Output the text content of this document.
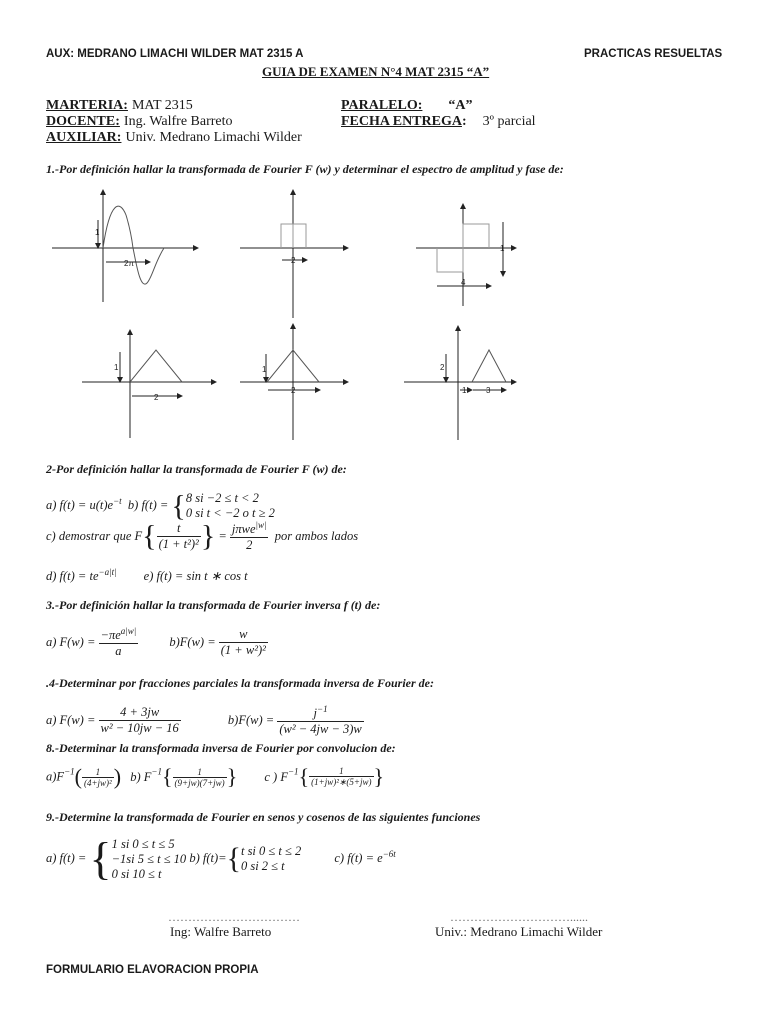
AUX: MEDRANO LIMACHI WILDER MAT 2315 A	PRACTICAS RESUELTAS
GUIA DE EXAMEN N°4 MAT 2315 “A”
MARTERIA: MAT 2315
DOCENTE: Ing. Walfre Barreto
AUXILIAR: Univ. Medrano Limachi Wilder
PARALELO: “A”
FECHA ENTREGA: 3º parcial
1.-Por definición hallar la transformada de Fourier F (w) y determinar el espectro de amplitud y fase de:
1
2π	2
1
4
1
2
1
2
2
1 3
2-Por definición hallar la transformada de Fourier F (w) de:
a) $f(t) = u(t)e^{-t}$ b) f(t) = { 8 si −2 ≤ t < 2
0 si t < −2 o t ≥ 2
c) demostrar que $F\{ \frac{t}{\text{(1 + t²)²}}$ } = $\frac{j\pi we^{|w|}}{2}$ por ambos lados
d) $f(t) = te^{-a|t|}$ e) f(t) = sin t ∗ cos t
3.-Por definición hallar la transformada de Fourier inversa f (t) de:
a) $F(w) = \frac{-\pi e^{a|w|}}{a} b)F(w) = \frac{w}{\text{(1 + w²)²}}$
.4-Determinar por fracciones parciales la transformada inversa de Fourier de:
a) $F(w) = \frac{4 + 3jw}{\text{w² − 10jw − 16}}$	$b)F(w) = \frac{j^{-1}}{\text{(w² − 4jw − 3)w}}$
8.-Determinar la transformada inversa de Fourier por convolucion de:
$a)F^{-1}( \frac{1}{\text{(4+jw)²}}$ ) b) $F^{-1}\{ \frac{1}{(9+jw)(7+jw)}$ } c ) $F^{-1}\{ \frac{1}{\text{(1+jw)²∗(5+jw)}}$ }
9.-Determine la transformada de Fourier en senos y cosenos de las siguientes funciones
a) f(t) = { 1 si 0 ≤ t ≤ 5
−1si 5 ≤ t ≤ 10
0 si 10 ≤ t
b) f(t)={ t si 0 ≤ t ≤ 2
0 si 2 ≤ t
c) $f(t) = e^{-6t}$
……………………………	…………………………......
Ing: Walfre Barreto	Univ.: Medrano Limachi Wilder
FORMULARIO ELAVORACION PROPIA
